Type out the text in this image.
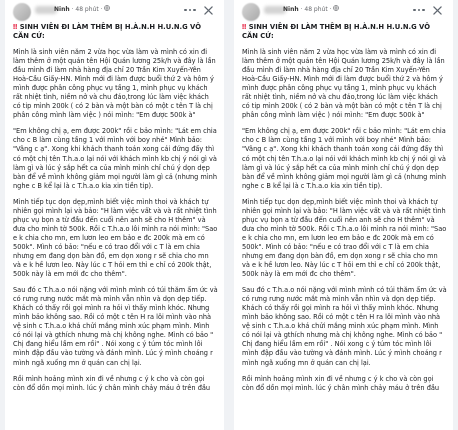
Ninh · 48 phút ·
‼ SINH VIÊN ĐI LÀM THÊM BỊ H.À.N.H H.U.N.G VÔ CĂN CỨ:

Mình là sinh viên năm 2 vừa học vừa làm và mình có xin đi làm thêm ở một quán tên Hội Quán lương 25k/h và đây là lần đầu mình đi làm nhà hàng địa chỉ 20 Trần Kim Xuyến-Yên Hoà-Cầu Giấy-HN. Mình mới đi làm được buổi thứ 2 và hôm ý mình được phân công phục vụ tầng 1, mình phục vụ khách rất nhiệt tình, niềm nở và chu đáo,trong lúc làm việc khách có tip mình 200k ( có 2 bàn và một bàn có một c tên T là chị phân công mình làm việc ) nói mình: "Em được 500k à"

"Em không chị ạ, em được 200k" rồi c bảo mình: "Lát em chia cho c B làm cùng tầng 1 với mình với boy nhé" Mình bảo: "Vâng c ạ". Xong khi khách thanh toán xong cái đứng đấy thì có một chị tên T.h.a.o lại nói với khách mình kb chị ý nói gì và làm gì và lúc ý sắp hết ca của mình mình chỉ chú ý dọn dẹp bàn để về mình không giảm mọi người làm gì cả (nhưng mình nghe c B kể lại là c T.h.a.o kia xin tiền tip).

Mình tiếp tục dọn dẹp,mình biết việc mình thoi và khách tự nhiên gọi mình lại và bảo: "H làm việc vất và và rất nhiệt tình phục vụ bọn a từ đầu đến cuối nên anh sẽ cho H thêm" và đưa cho mình tờ 500k. Rồi c T.h.a.o lôi mình ra nói mình: "Sao e k chia cho mn, em lươn leo em bảo e đc 200k mà em có 500k". Mình có bảo: "nếu e có trao đổi với c T là em chia nhưng em đang dọn bàn đồ, em dọn xong r sẽ chia cho mn và e k hề lươn leo. Này lúc c T hỏi em thì e chỉ có 200k thật, 500k này là em mới đc cho thêm".

Sau đó c T.h.a.o nói nặng với mình mình có túi thăm ấm ức và có rưng rưng nước mắt mà mình vẫn nhìn và dọn dẹp tiếp. Khách có thấy rồi gọi mình ra hỏi vì thấy mình khóc. Nhưng mình bảo không sao. Rồi có một c tên H ra lôi mình vào nhà vệ sinh c T.h.a.o khá chửi mắng mình xúc phạm mình. Mình có nói lại và gthích nhưng mà chị không nghe. Mình có bảo " Chị đang hiểu lầm em rồi" . Nói xong c ý túm tóc mình lôi mình đập đầu vào tường và đánh mình. Lúc ý mình choáng r mình ngã xuống mn ở quán can chị lại.

Rồi mình hoảng mình xin đi về nhưng c ý k cho và còn gọi còn đổ dồn mọi mình. lúc ý chân mình chảy máu ở trên đầu

Ninh · 48 phút ·
‼ SINH VIÊN ĐI LÀM THÊM BỊ H.À.N.H H.U.N.G VÔ CĂN CỨ:

Mình là sinh viên năm 2 vừa học vừa làm và mình có xin đi làm thêm ở một quán tên Hội Quán lương 25k/h và đây là lần đầu mình đi làm nhà hàng địa chỉ 20 Trần Kim Xuyến-Yên Hoà-Cầu Giấy-HN. Mình mới đi làm được buổi thứ 2 và hôm ý mình được phân công phục vụ tầng 1, mình phục vụ khách rất nhiệt tình, niềm nở và chu đáo,trong lúc làm việc khách có tip mình 200k ( có 2 bàn và một bàn có một c tên T là chị phân công mình làm việc ) nói mình: "Em được 500k à"

"Em không chị ạ, em được 200k" rồi c bảo mình: "Lát em chia cho c B làm cùng tầng 1 với mình với boy nhé" Mình bảo: "Vâng c ạ". Xong khi khách thanh toán xong cái đứng đấy thì có một chị tên T.h.a.o lại nói với khách mình kb chị ý nói gì và làm gì và lúc ý sắp hết ca của mình mình chỉ chú ý dọn dẹp bàn để về mình không giảm mọi người làm gì cả (nhưng mình nghe c B kể lại là c T.h.a.o kia xin tiền tip).

Mình tiếp tục dọn dẹp,mình biết việc mình thoi và khách tự nhiên gọi mình lại và bảo: "H làm việc vất và và rất nhiệt tình phục vụ bọn a từ đầu đến cuối nên anh sẽ cho H thêm" và đưa cho mình tờ 500k. Rồi c T.h.a.o lôi mình ra nói mình: "Sao e k chia cho mn, em lươn leo em bảo e đc 200k mà em có 500k". Mình có bảo: "nếu e có trao đổi với c T là em chia nhưng em đang dọn bàn đồ, em dọn xong r sẽ chia cho mn và e k hề lươn leo. Này lúc c T hỏi em thì e chỉ có 200k thật, 500k này là em mới đc cho thêm".

Sau đó c T.h.a.o nói nặng với mình mình có túi thăm ấm ức và có rưng rưng nước mắt mà mình vẫn nhìn và dọn dẹp tiếp. Khách có thấy rồi gọi mình ra hỏi vì thấy mình khóc. Nhưng mình bảo không sao. Rồi có một c tên H ra lôi mình vào nhà vệ sinh c T.h.a.o khá chửi mắng mình xúc phạm mình. Mình có nói lại và gthích nhưng mà chị không nghe. Mình có bảo " Chị đang hiểu lầm em rồi" . Nói xong c ý túm tóc mình lôi mình đập đầu vào tường và đánh mình. Lúc ý mình choáng r mình ngã xuống mn ở quán can chị lại.

Rồi mình hoảng mình xin đi về nhưng c ý k cho và còn gọi còn đổ dồn mọi mình. lúc ý chân mình chảy máu ở trên đầu
